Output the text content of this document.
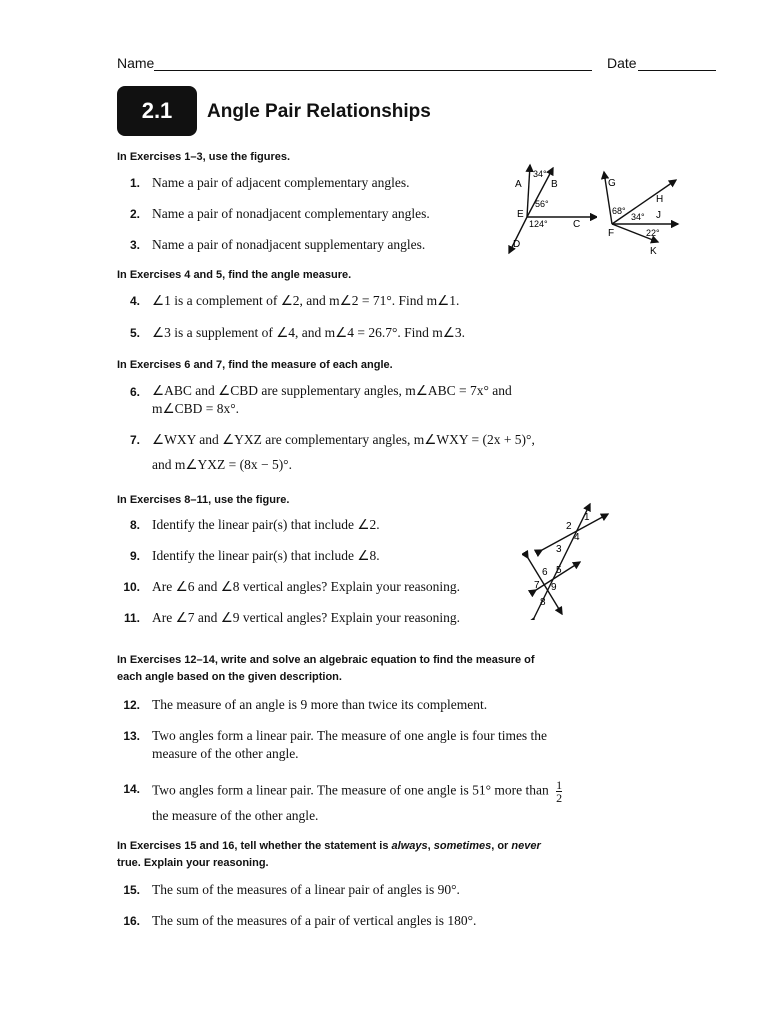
Name	Date
2.1	Angle Pair Relationships
In Exercises 1–3, use the figures.
1. Name a pair of adjacent complementary angles.
2. Name a pair of nonadjacent complementary angles.
3. Name a pair of nonadjacent supplementary angles.
A	B
34°
56°
E
124°	C
D
G
H
68°
34° J
F	22°
K
In Exercises 4 and 5, find the angle measure.
4. ∠1 is a complement of ∠2, and m∠2 = 71°. Find m∠1.
5. ∠3 is a supplement of ∠4, and m∠4 = 26.7°. Find m∠3.
In Exercises 6 and 7, find the measure of each angle.
6. ∠ABC and ∠CBD are supplementary angles, m∠ABC = 7x° and
m∠CBD = 8x°.
7. ∠WXY and ∠YXZ are complementary angles, m∠WXY = (2x + 5)°,
and m∠YXZ = (8x − 5)°.
In Exercises 8–11, use the figure.
8. Identify the linear pair(s) that include ∠2.
9. Identify the linear pair(s) that include ∠8.
10. Are ∠6 and ∠8 vertical angles? Explain your reasoning.
11. Are ∠7 and ∠9 vertical angles? Explain your reasoning.
1
2
3
4
5
6
7
8
9
In Exercises 12–14, write and solve an algebraic equation to find the measure of
each angle based on the given description.
12. The measure of an angle is 9 more than twice its complement.
13. Two angles form a linear pair. The measure of one angle is four times the
measure of the other angle.
14. Two angles form a linear pair. The measure of one angle is 51° more than $\frac{1}{2}$
the measure of the other angle.
In Exercises 15 and 16, tell whether the statement is always, sometimes, or never
true. Explain your reasoning.
15. The sum of the measures of a linear pair of angles is 90°.
16. The sum of the measures of a pair of vertical angles is 180°.
